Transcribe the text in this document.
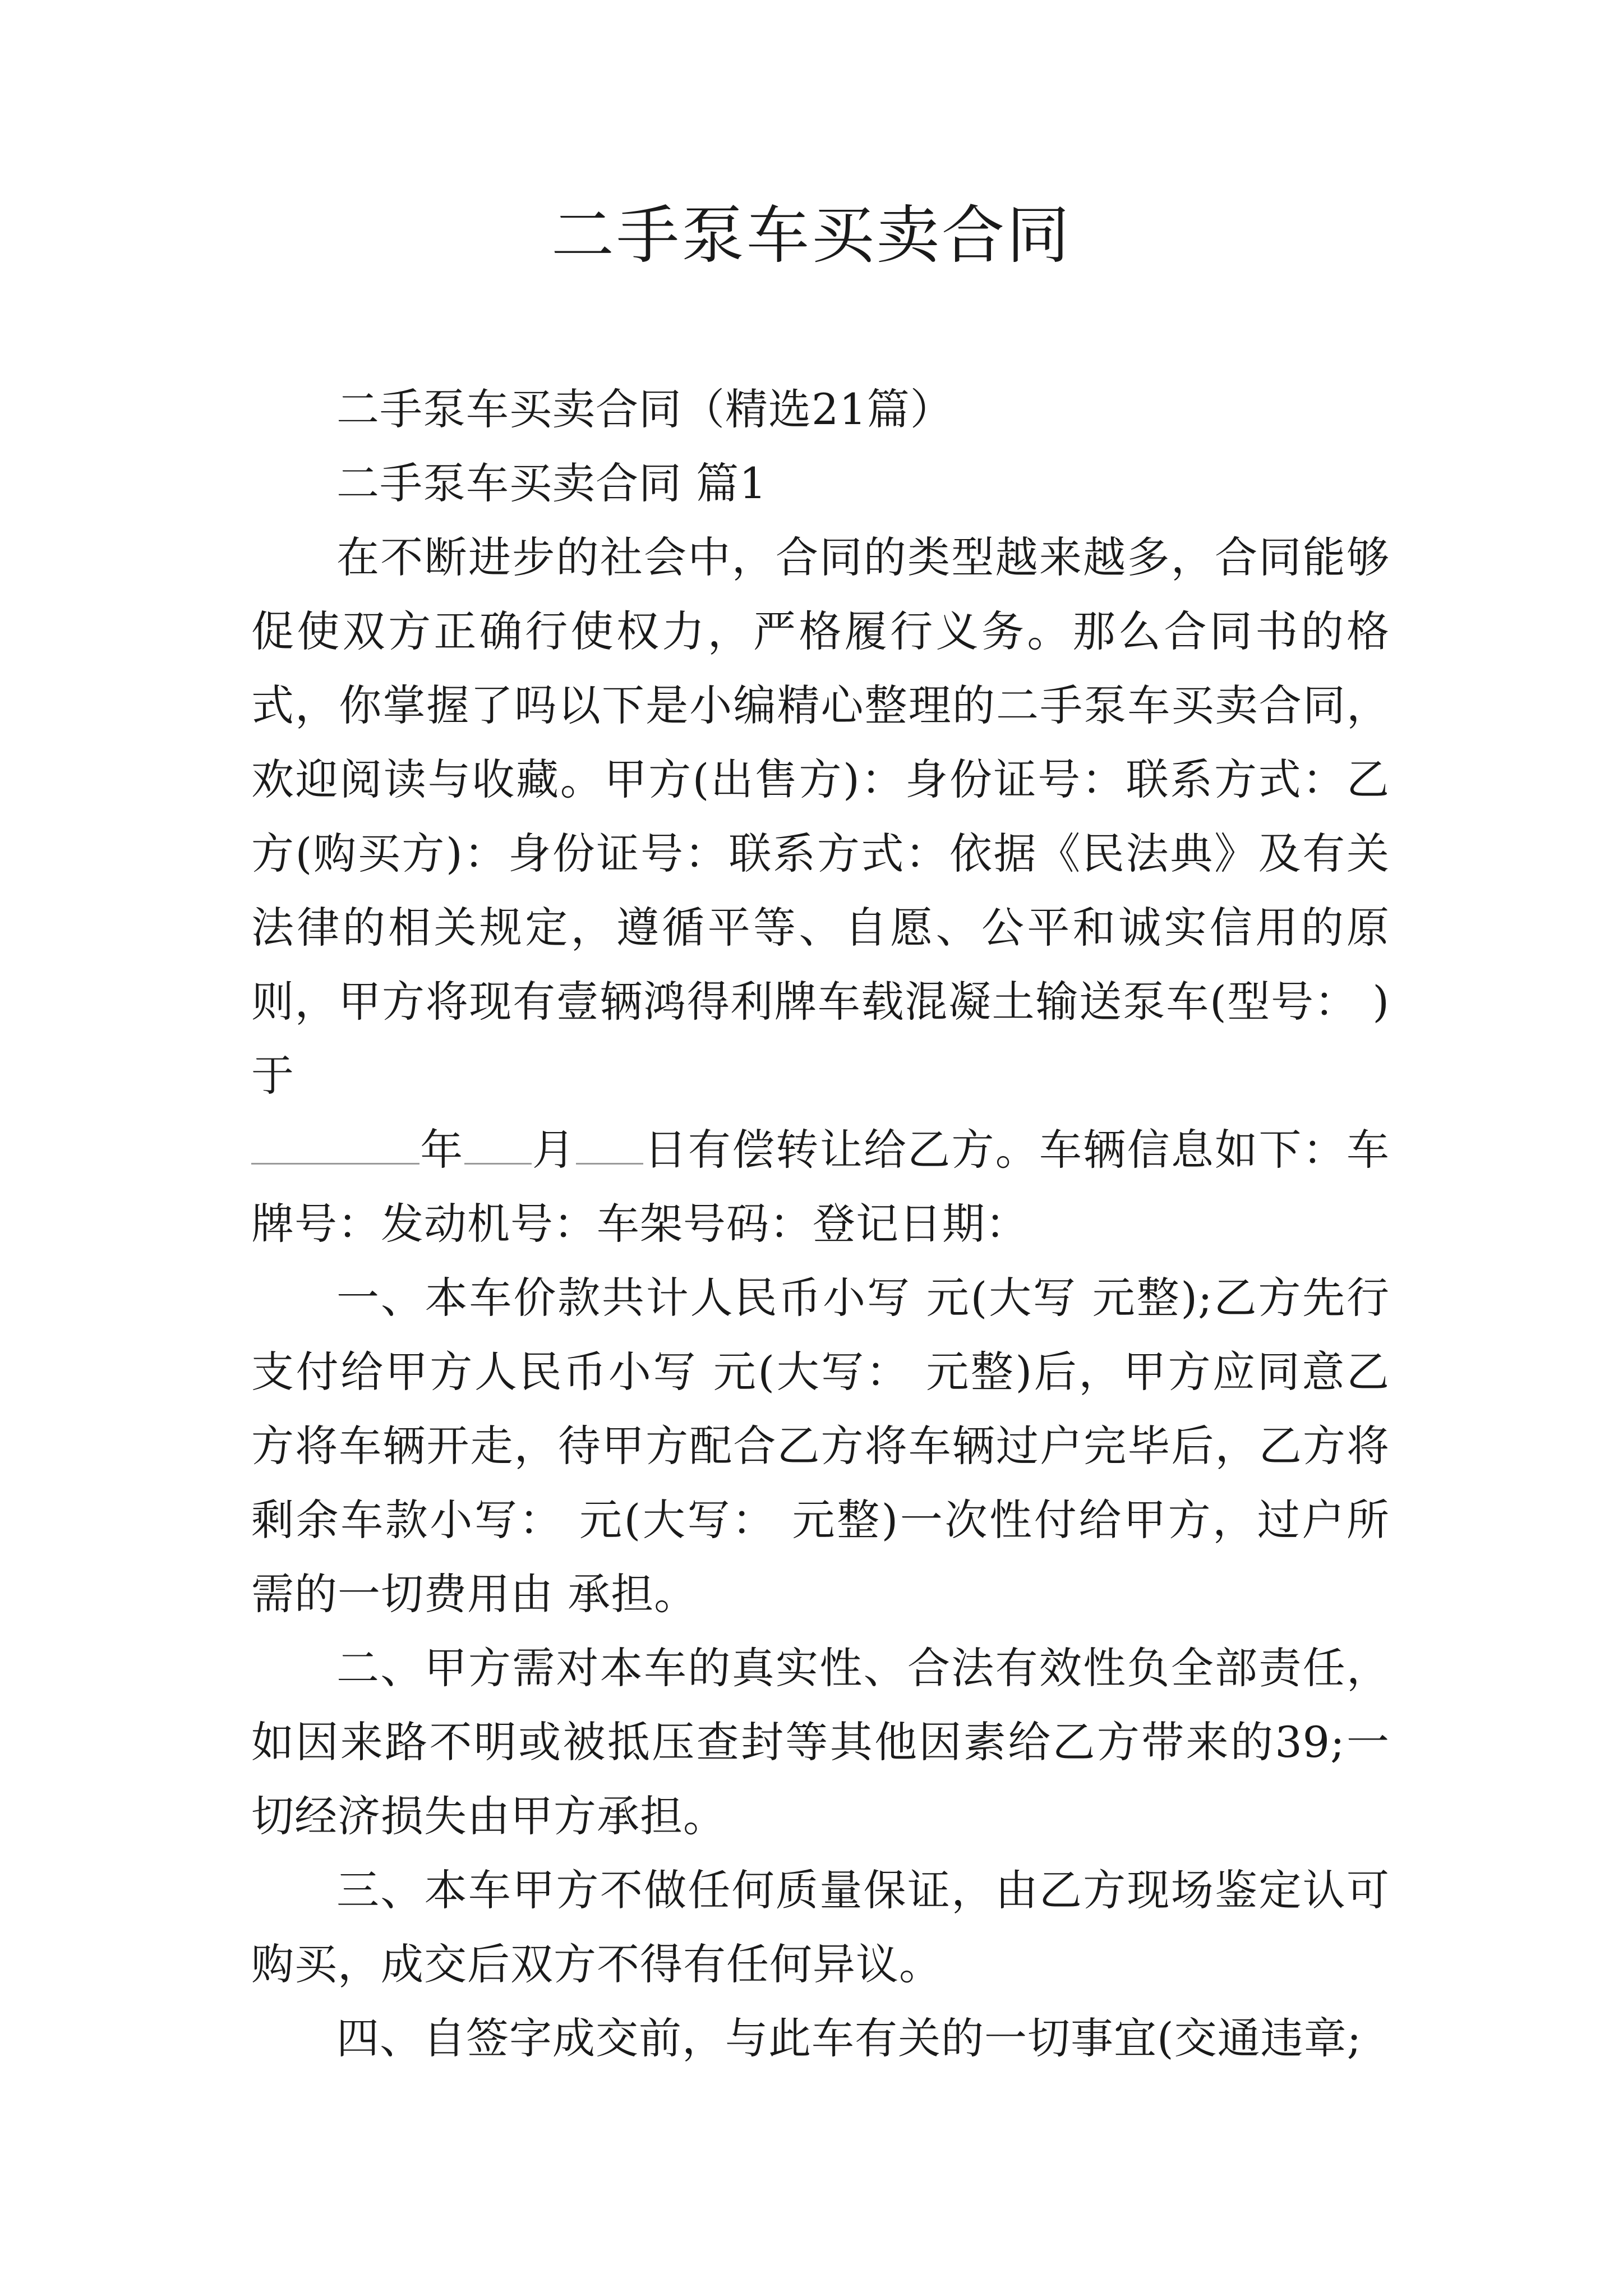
二手泵车买卖合同

二手泵车买卖合同（精选21篇）

二手泵车买卖合同 篇1

在不断进步的社会中，合同的类型越来越多，合同能够促使双方正确行使权力，严格履行义务。那么合同书的格式，你掌握了吗以下是小编精心整理的二手泵车买卖合同，欢迎阅读与收藏。甲方(出售方)：身份证号：联系方式：乙方(购买方)：身份证号：联系方式：依据《民法典》及有关法律的相关规定，遵循平等、自愿、公平和诚实信用的原则，甲方将现有壹辆鸿得利牌车载混凝土输送泵车(型号： )于
年 月 日有偿转让给乙方。车辆信息如下：车牌号：发动机号：车架号码：登记日期：

一、本车价款共计人民币小写 元(大写 元整);乙方先行支付给甲方人民币小写 元(大写： 元整)后，甲方应同意乙方将车辆开走，待甲方配合乙方将车辆过户完毕后，乙方将剩余车款小写： 元(大写： 元整)一次性付给甲方，过户所需的一切费用由 承担。

二、甲方需对本车的真实性、合法有效性负全部责任，如因来路不明或被抵压查封等其他因素给乙方带来的39;一切经济损失由甲方承担。

三、本车甲方不做任何质量保证，由乙方现场鉴定认可购买，成交后双方不得有任何异议。

四、自签字成交前，与此车有关的一切事宜(交通违章;
